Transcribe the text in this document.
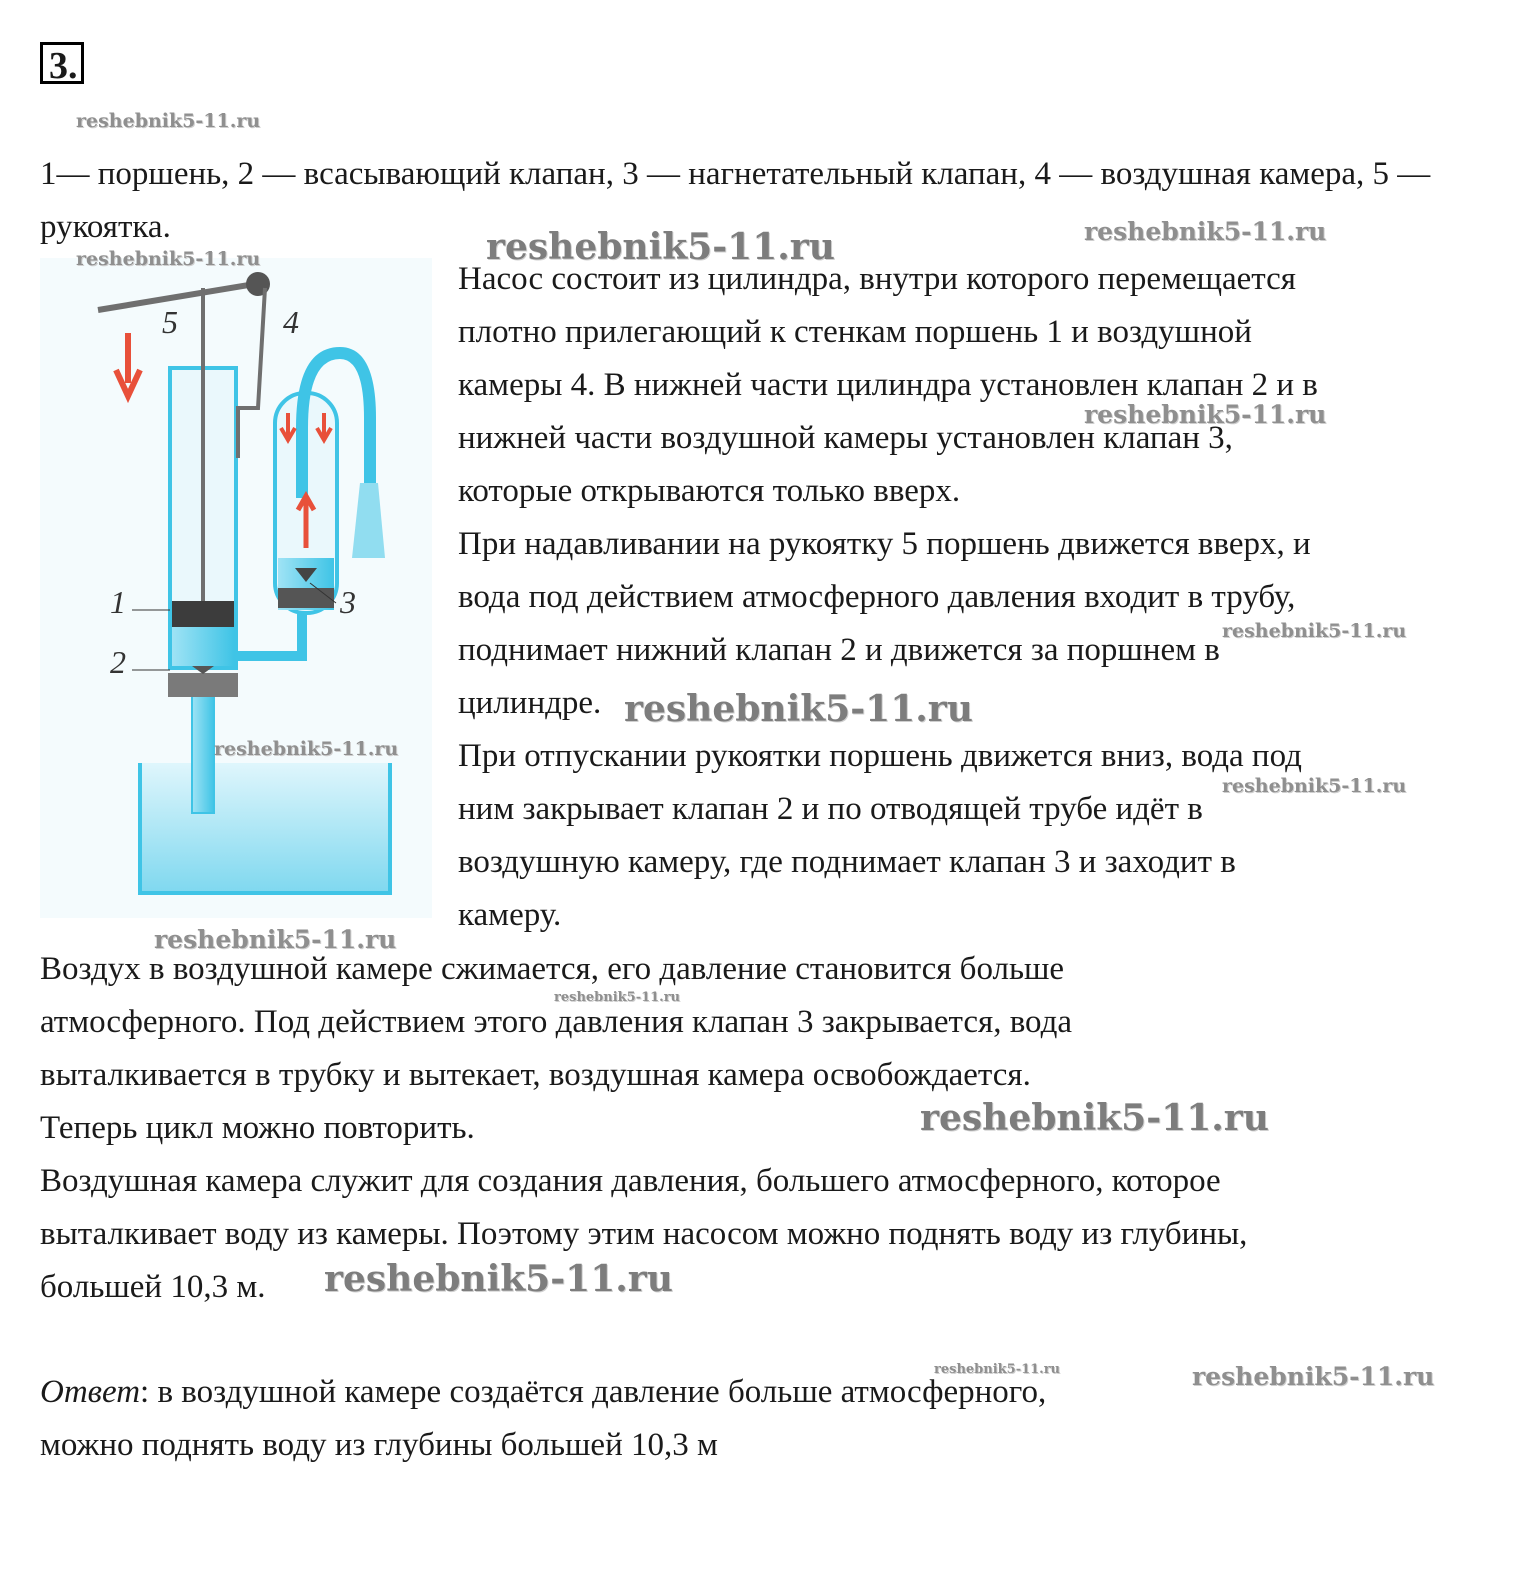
3.
reshebnik5-11.ru
1— поршень, 2 — всасывающий клапан, 3 — нагнетательный клапан, 4 — воздушная камера, 5 — рукоятка.
5	4
3
1
2
reshebnik5-11.ru
reshebnik5-11.ru
Насос состоит из цилиндра, внутри которого перемещается
плотно прилегающий к стенкам поршень 1 и воздушной
камеры 4. В нижней части цилиндра установлен клапан 2 и в
нижней части воздушной камеры установлен клапан 3,
которые открываются только вверх.
При надавливании на рукоятку 5 поршень движется вверх, и
вода под действием атмосферного давления входит в трубу,
поднимает нижний клапан 2 и движется за поршнем в
цилиндре.
При отпускании рукоятки поршень движется вниз, вода под
ним закрывает клапан 2 и по отводящей трубе идёт в
воздушную камеру, где поднимает клапан 3 и заходит в
камеру.
reshebnik5-11.ru	reshebnik5-11.ru
reshebnik5-11.ru
reshebnik5-11.ru
reshebnik5-11.ru
reshebnik5-11.ru
reshebnik5-11.ru
Воздух в воздушной камере сжимается, его давление становится больше
атмосферного. Под действием этого давления клапан 3 закрывается, вода
выталкивается в трубку и вытекает, воздушная камера освобождается.
Теперь цикл можно повторить.
Воздушная камера служит для создания давления, большего атмосферного, которое
выталкивает воду из камеры. Поэтому этим насосом можно поднять воду из глубины,
большей 10,3 м.
reshebnik5-11.ru
reshebnik5-11.ru
reshebnik5-11.ru
Ответ: в воздушной камере создаётся давление больше атмосферного,
можно поднять воду из глубины большей 10,3 м
reshebnik5-11.ru	reshebnik5-11.ru
